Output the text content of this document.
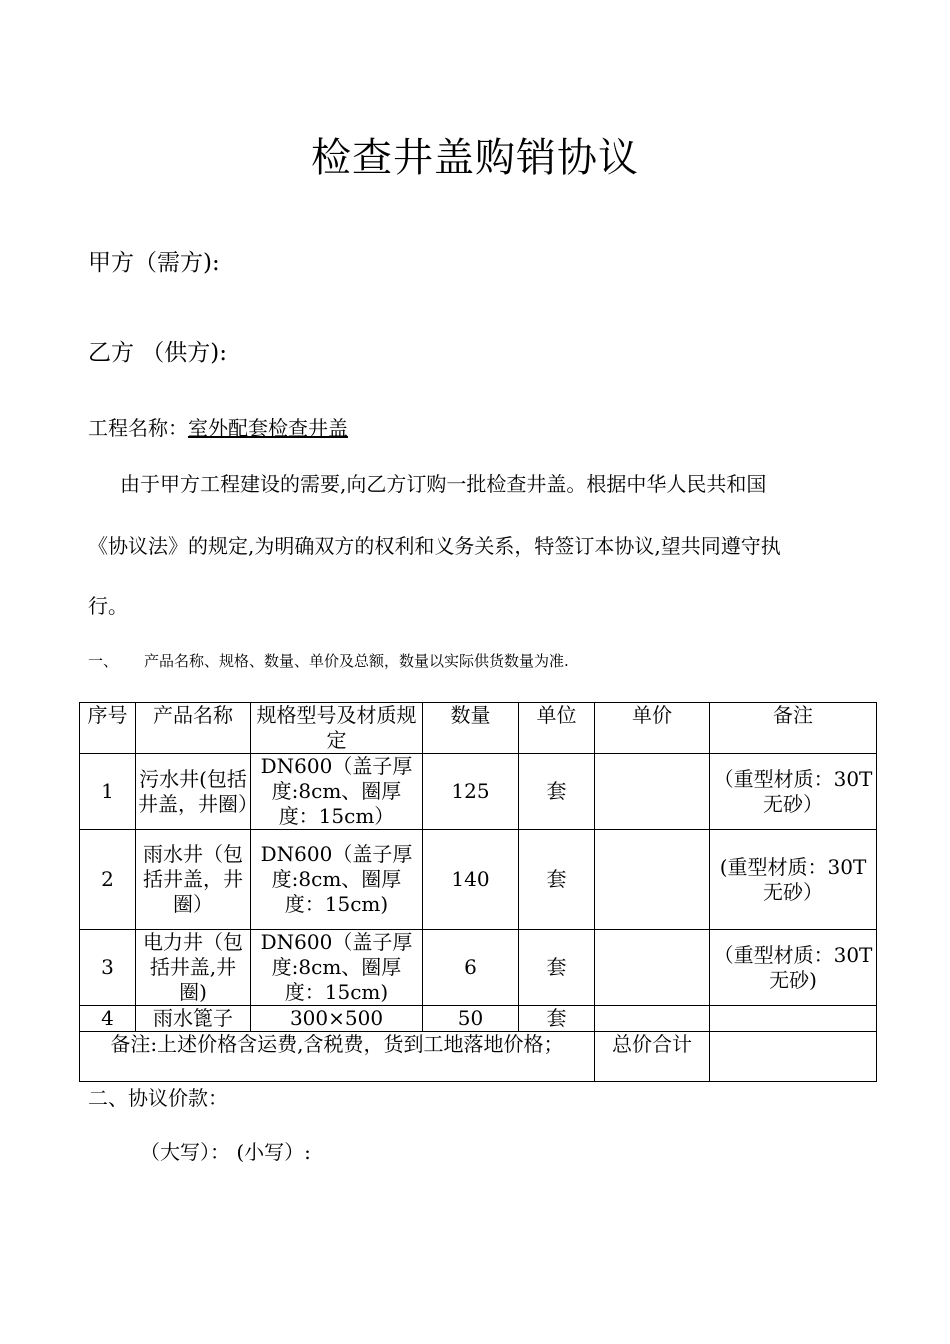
检查井盖购销协议
甲方（需方):
乙方 （供方):
工程名称：室外配套检查井盖
由于甲方工程建设的需要,向乙方订购一批检查井盖。根据中华人民共和国
《协议法》的规定,为明确双方的权利和义务关系，特签订本协议,望共同遵守执
行。
一、 产品名称、规格、数量、单价及总额，数量以实际供货数量为准.
序号	产品名称	规格型号及材质规定	数量	单位	单价	备注
1	污水井(包括井盖，井圈）	DN600（盖子厚度:8cm、圈厚度：15cm）	125	套		（重型材质：30T 无砂）
2	雨水井（包括井盖，井圈）	DN600（盖子厚度:8cm、圈厚度：15cm)	140	套		(重型材质：30T 无砂）
3	电力井（包括井盖,井圈)	DN600（盖子厚度:8cm、圈厚度：15cm)	6	套		（重型材质：30T 无砂)
4	雨水篦子	300×500	50	套		
备注:上述价格含运费,含税费，货到工地落地价格；					总价合计	
二、协议价款：
（大写）： (小写）:
